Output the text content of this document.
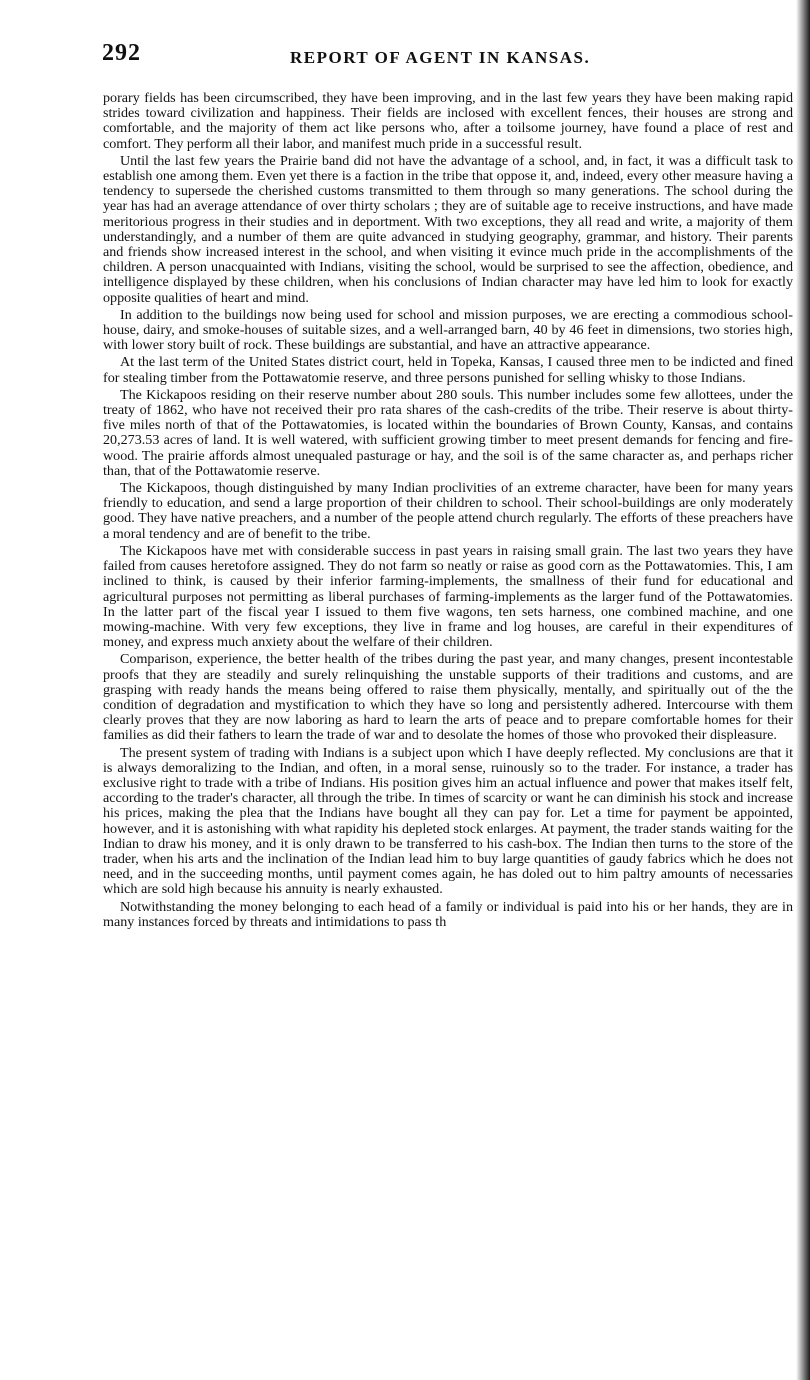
292	REPORT OF AGENT IN KANSAS.

porary fields has been circumscribed, they have been improving, and in the last few years they have been making rapid strides toward civilization and happiness. Their fields are inclosed with excellent fences, their houses are strong and comfortable, and the majority of them act like persons who, after a toilsome journey, have found a place of rest and comfort. They perform all their labor, and manifest much pride in a successful result.

Until the last few years the Prairie band did not have the advantage of a school, and, in fact, it was a difficult task to establish one among them. Even yet there is a faction in the tribe that oppose it, and, indeed, every other measure having a tendency to supersede the cherished customs transmitted to them through so many generations. The school during the year has had an average attendance of over thirty scholars ; they are of suitable age to receive instructions, and have made meritorious progress in their studies and in deportment. With two exceptions, they all read and write, a majority of them understandingly, and a number of them are quite advanced in studying geography, grammar, and history. Their parents and friends show increased interest in the school, and when visiting it evince much pride in the accomplishments of the children. A person unacquainted with Indians, visiting the school, would be surprised to see the affection, obedience, and intelligence displayed by these children, when his conclusions of Indian character may have led him to look for exactly opposite qualities of heart and mind.

In addition to the buildings now being used for school and mission purposes, we are erecting a commodious school-house, dairy, and smoke-houses of suitable sizes, and a well-arranged barn, 40 by 46 feet in dimensions, two stories high, with lower story built of rock. These buildings are substantial, and have an attractive appearance.

At the last term of the United States district court, held in Topeka, Kansas, I caused three men to be indicted and fined for stealing timber from the Pottawatomie reserve, and three persons punished for selling whisky to those Indians.

The Kickapoos residing on their reserve number about 280 souls. This number includes some few allottees, under the treaty of 1862, who have not received their pro rata shares of the cash-credits of the tribe. Their reserve is about thirty-five miles north of that of the Pottawatomies, is located within the boundaries of Brown County, Kansas, and contains 20,273.53 acres of land. It is well watered, with sufficient growing timber to meet present demands for fencing and fire-wood. The prairie affords almost unequaled pasturage or hay, and the soil is of the same character as, and perhaps richer than, that of the Pottawatomie reserve.

The Kickapoos, though distinguished by many Indian proclivities of an extreme character, have been for many years friendly to education, and send a large proportion of their children to school. Their school-buildings are only moderately good. They have native preachers, and a number of the people attend church regularly. The efforts of these preachers have a moral tendency and are of benefit to the tribe.

The Kickapoos have met with considerable success in past years in raising small grain. The last two years they have failed from causes heretofore assigned. They do not farm so neatly or raise as good corn as the Pottawatomies. This, I am inclined to think, is caused by their inferior farming-implements, the smallness of their fund for educational and agricultural purposes not permitting as liberal purchases of farming-implements as the larger fund of the Pottawatomies. In the latter part of the fiscal year I issued to them five wagons, ten sets harness, one combined machine, and one mowing-machine. With very few exceptions, they live in frame and log houses, are careful in their expenditures of money, and express much anxiety about the welfare of their children.

Comparison, experience, the better health of the tribes during the past year, and many changes, present incontestable proofs that they are steadily and surely relinquishing the unstable supports of their traditions and customs, and are grasping with ready hands the means being offered to raise them physically, mentally, and spiritually out of the the condition of degradation and mystification to which they have so long and persistently adhered. Intercourse with them clearly proves that they are now laboring as hard to learn the arts of peace and to prepare comfortable homes for their families as did their fathers to learn the trade of war and to desolate the homes of those who provoked their displeasure.

The present system of trading with Indians is a subject upon which I have deeply reflected. My conclusions are that it is always demoralizing to the Indian, and often, in a moral sense, ruinously so to the trader. For instance, a trader has exclusive right to trade with a tribe of Indians. His position gives him an actual influence and power that makes itself felt, according to the trader's character, all through the tribe. In times of scarcity or want he can diminish his stock and increase his prices, making the plea that the Indians have bought all they can pay for. Let a time for payment be appointed, however, and it is astonishing with what rapidity his depleted stock enlarges. At payment, the trader stands waiting for the Indian to draw his money, and it is only drawn to be transferred to his cash-box. The Indian then turns to the store of the trader, when his arts and the inclination of the Indian lead him to buy large quantities of gaudy fabrics which he does not need, and in the succeeding months, until payment comes again, he has doled out to him paltry amounts of necessaries which are sold high because his annuity is nearly exhausted.

Notwithstanding the money belonging to each head of a family or individual is paid into his or her hands, they are in many instances forced by threats and intimidations to pass th
